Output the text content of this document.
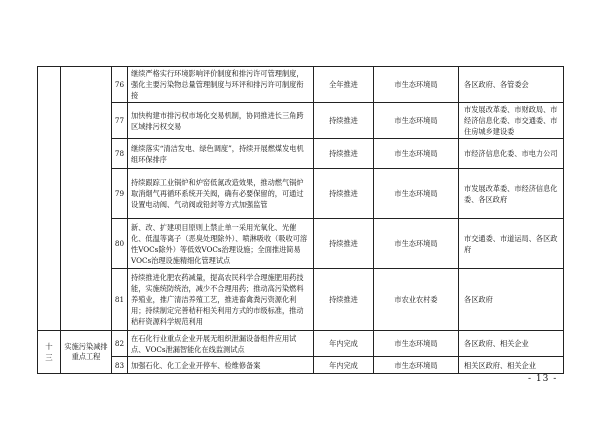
		76	继续严格实行环境影响评价制度和排污许可管理制度，强化主要污染物总量管理制度与环评和排污许可制度衔接	全年推进	市生态环境局	各区政府、各管委会
		77	加快构建市排污权市场化交易机制，协同推进长三角跨区域排污权交易	持续推进	市生态环境局	市发展改革委、市财政局、市经济信息化委、市交通委、市住房城乡建设委
		78	继续落实“清洁发电、绿色调度”，持续开展燃煤发电机组环保排序	持续推进	市生态环境局	市经济信息化委、市电力公司
		79	持续跟踪工业锅炉和炉窑低氮改造效果，推动燃气锅炉取消烟气再循环系统开关阀，确有必要保留的，可通过设置电动阀、气动阀或铅封等方式加强监管	持续推进	市生态环境局	市发展改革委、市经济信息化委、各区政府
		80	新、改、扩建项目原则上禁止单一采用光氧化、光催化、低温等离子（恶臭处理除外）、喷淋吸收（吸收可溶性VOCs除外）等低效VOCs治理设施；全面推进简易VOCs治理设施精细化管理试点	持续推进	市生态环境局	市交通委、市道运局、各区政府
		81	持续推进化肥农药减量，提高农民科学合理施肥用药技能，实施统防统治，减少不合理用药；推动高污染燃料养殖业，推广清洁养殖工艺，推进畜禽粪污资源化利用；持续制定完善秸秆相关利用方式的市级标准，推动秸秆资源科学规范利用	持续推进	市农业农村委	各区政府
十三	实施污染减排重点工程	82	在石化行业重点企业开展无组织泄漏设备组件应用试点、VOCs泄漏智能化在线监测试点	年内完成	市生态环境局	各区政府、相关企业
		83	加强石化、化工企业开停车、检维修备案	年内完成	市生态环境局	相关区政府、相关企业
- 13 -
